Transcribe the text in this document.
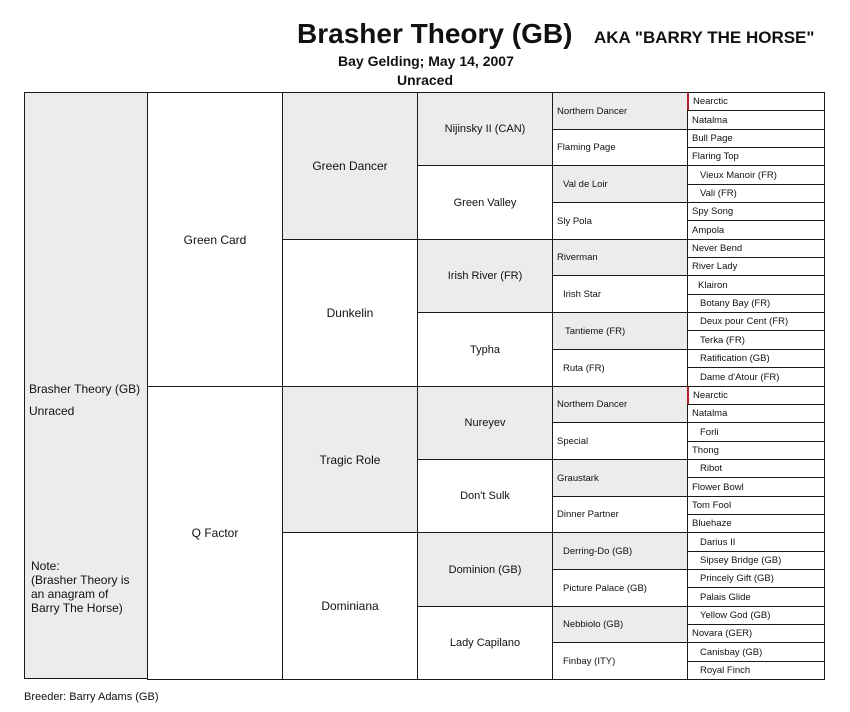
Brasher Theory (GB) AKA "BARRY THE HORSE"
Bay Gelding; May 14, 2007
Unraced
Brasher Theory (GB)
Unraced
Note:
(Brasher Theory is
an anagram of
Barry The Horse)
Green Card
Q Factor
Green Dancer
Dunkelin
Tragic Role
Dominiana
Nijinsky II (CAN)
Green Valley
Irish River (FR)
Typha
Nureyev
Don't Sulk
Dominion (GB)
Lady Capilano
Northern Dancer
Flaming Page
Val de Loir
Sly Pola
Riverman
Irish Star
Tantieme (FR)
Ruta (FR)
Northern Dancer
Special
Graustark
Dinner Partner
Derring-Do (GB)
Picture Palace (GB)
Nebbiolo (GB)
Finbay (ITY)
Nearctic
Natalma
Bull Page
Flaring Top
Vieux Manoir (FR)
Vali (FR)
Spy Song
Ampola
Never Bend
River Lady
Klairon
Botany Bay (FR)
Deux pour Cent (FR)
Terka (FR)
Ratification (GB)
Dame d'Atour (FR)
Nearctic
Natalma
Forli
Thong
Ribot
Flower Bowl
Tom Fool
Bluehaze
Darius II
Sipsey Bridge (GB)
Princely Gift (GB)
Palais Glide
Yellow God (GB)
Novara (GER)
Canisbay (GB)
Royal Finch
Breeder: Barry Adams (GB)
